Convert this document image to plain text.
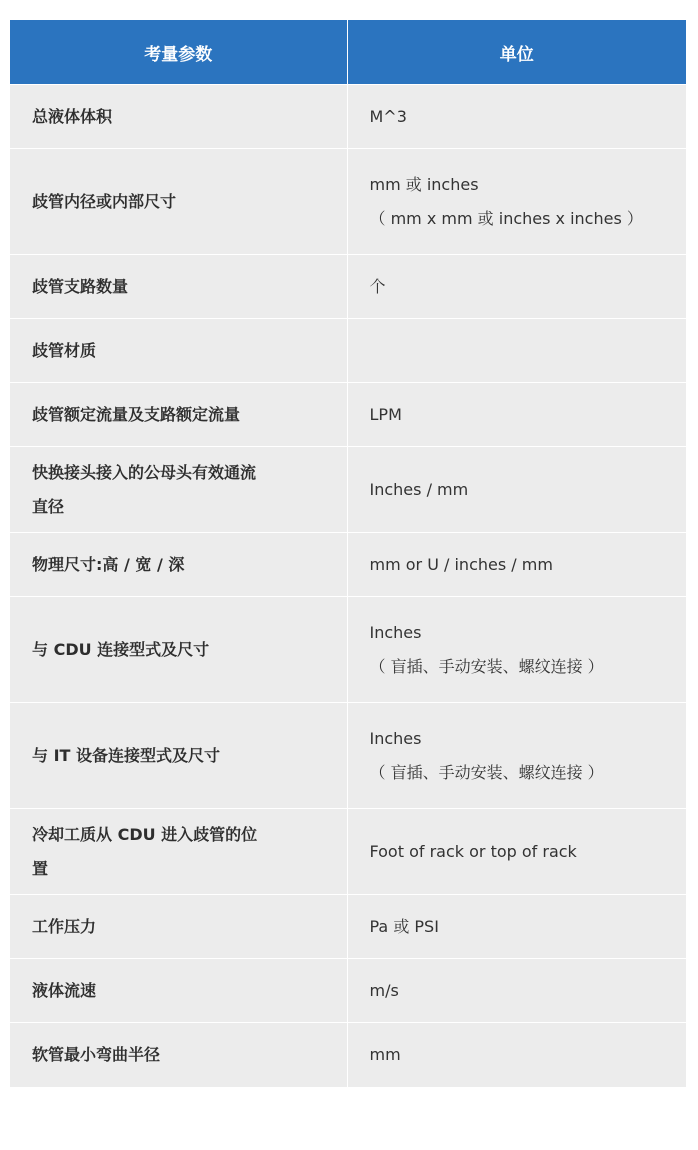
考量参数	单位

总液体体积	M^3

歧管内径或内部尺寸	mm 或 inches
（ mm x mm 或 inches x inches ）

歧管支路数量	个

歧管材质	

歧管额定流量及支路额定流量	LPM

快换接头接入的公母头有效通流
直径	Inches / mm

物理尺寸:高 / 宽 / 深	mm or U / inches / mm

与 CDU 连接型式及尺寸	Inches
（ 盲插、手动安装、螺纹连接 ）

与 IT 设备连接型式及尺寸	Inches
（ 盲插、手动安装、螺纹连接 ）

冷却工质从 CDU 进入歧管的位
置	Foot of rack or top of rack

工作压力	Pa 或 PSI

液体流速	m/s

软管最小弯曲半径	mm
